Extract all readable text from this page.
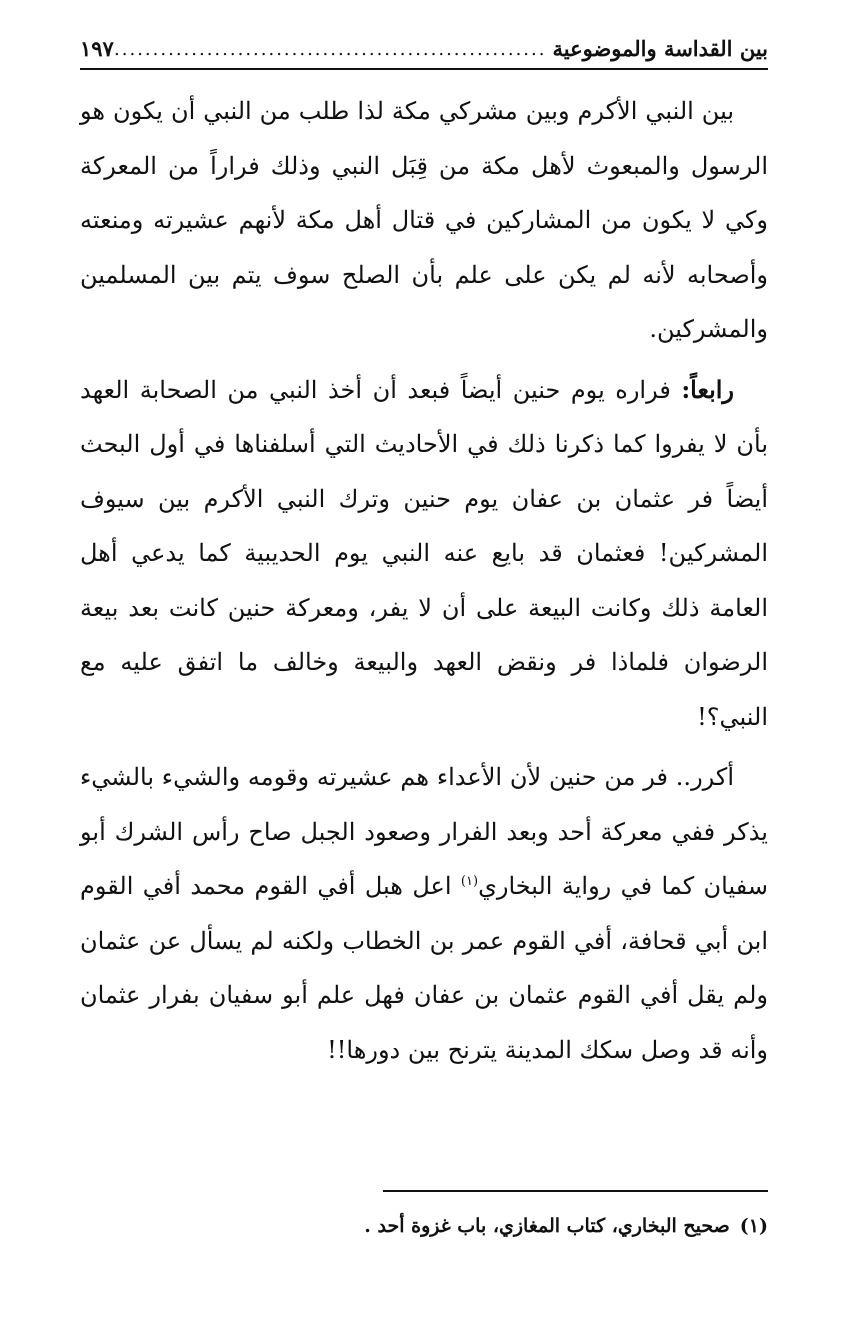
بين القداسة والموضوعية
........................................................
١٩٧

بين النبي الأكرم وبين مشركي مكة لذا طلب من النبي أن يكون هو الرسول والمبعوث لأهل مكة من قِبَل النبي وذلك فراراً من المعركة وكي لا يكون من المشاركين في قتال أهل مكة لأنهم عشيرته ومنعته وأصحابه لأنه لم يكن على علم بأن الصلح سوف يتم بين المسلمين والمشركين.

رابعاً: فراره يوم حنين أيضاً فبعد أن أخذ النبي من الصحابة العهد بأن لا يفروا كما ذكرنا ذلك في الأحاديث التي أسلفناها في أول البحث أيضاً فر عثمان بن عفان يوم حنين وترك النبي الأكرم بين سيوف المشركين! فعثمان قد بايع عنه النبي يوم الحديبية كما يدعي أهل العامة ذلك وكانت البيعة على أن لا يفر، ومعركة حنين كانت بعد بيعة الرضوان فلماذا فر ونقض العهد والبيعة وخالف ما اتفق عليه مع النبي؟!

أكرر.. فر من حنين لأن الأعداء هم عشيرته وقومه والشيء بالشيء يذكر ففي معركة أحد وبعد الفرار وصعود الجبل صاح رأس الشرك أبو سفيان كما في رواية البخاري$^{(١)}$ اعل هبل أفي القوم محمد أفي القوم ابن أبي قحافة، أفي القوم عمر بن الخطاب ولكنه لم يسأل عن عثمان ولم يقل أفي القوم عثمان بن عفان فهل علم أبو سفيان بفرار عثمان وأنه قد وصل سكك المدينة يترنح بين دورها!!

(١)صحيح البخاري، كتاب المغازي، باب غزوة أحد .
